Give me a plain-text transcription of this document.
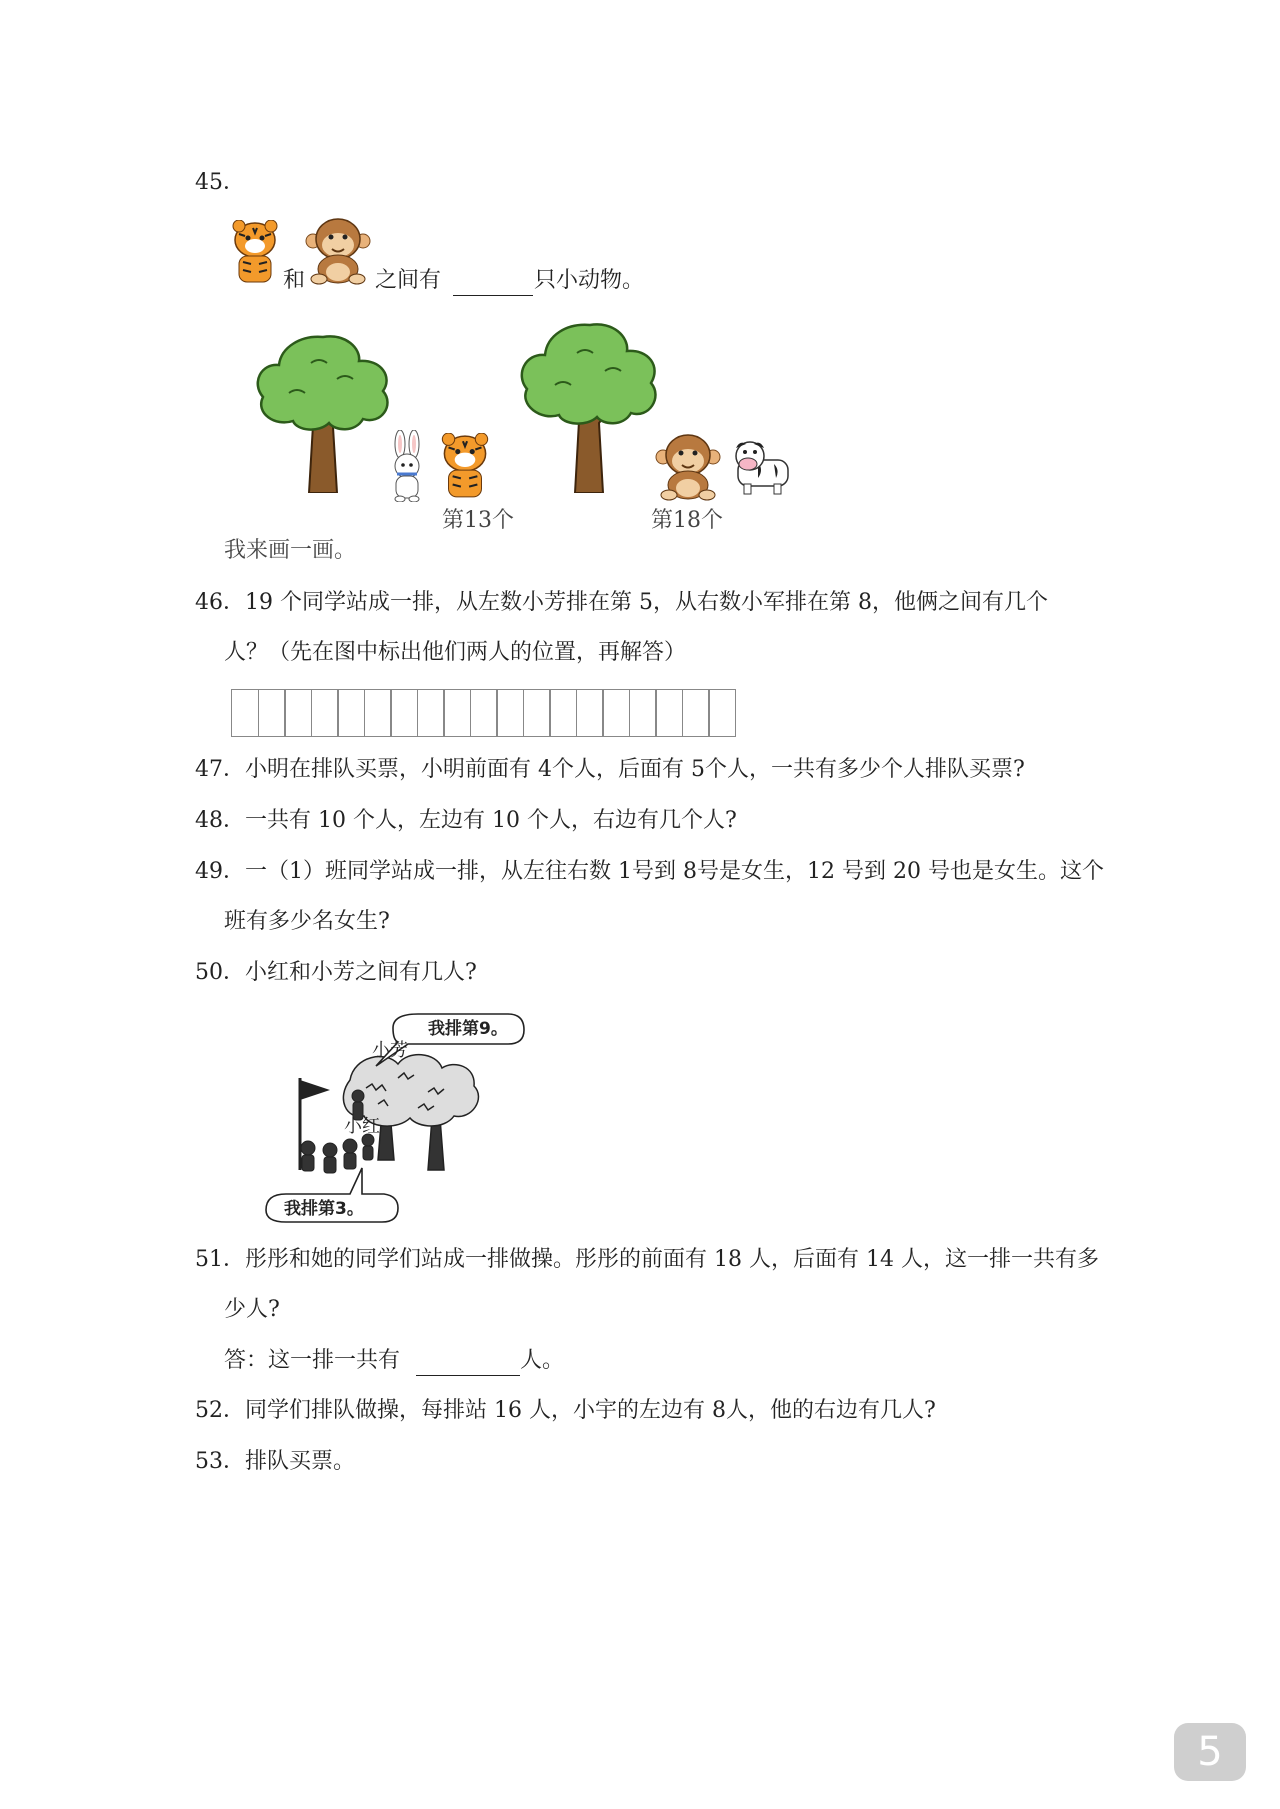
45．
和	之间有	只小动物。
第13个	第18个
我来画一画。
46．19 个同学站成一排，从左数小芳排在第 5，从右数小军排在第 8，他俩之间有几个
人？（先在图中标出他们两人的位置，再解答）
47．小明在排队买票，小明前面有 4个人，后面有 5个人，一共有多少个人排队买票?
48．一共有 10 个人，左边有 10 个人，右边有几个人?
49．一（1）班同学站成一排，从左往右数 1号到 8号是女生，12 号到 20 号也是女生。这个
班有多少名女生?
50．小红和小芳之间有几人?
我排第9。
我排第3。
小芳
小红
51．彤彤和她的同学们站成一排做操。彤彤的前面有 18 人，后面有 14 人，这一排一共有多
少人?
答：这一排一共有	人。
52．同学们排队做操，每排站 16 人，小宇的左边有 8人，他的右边有几人?
53．排队买票。
5
